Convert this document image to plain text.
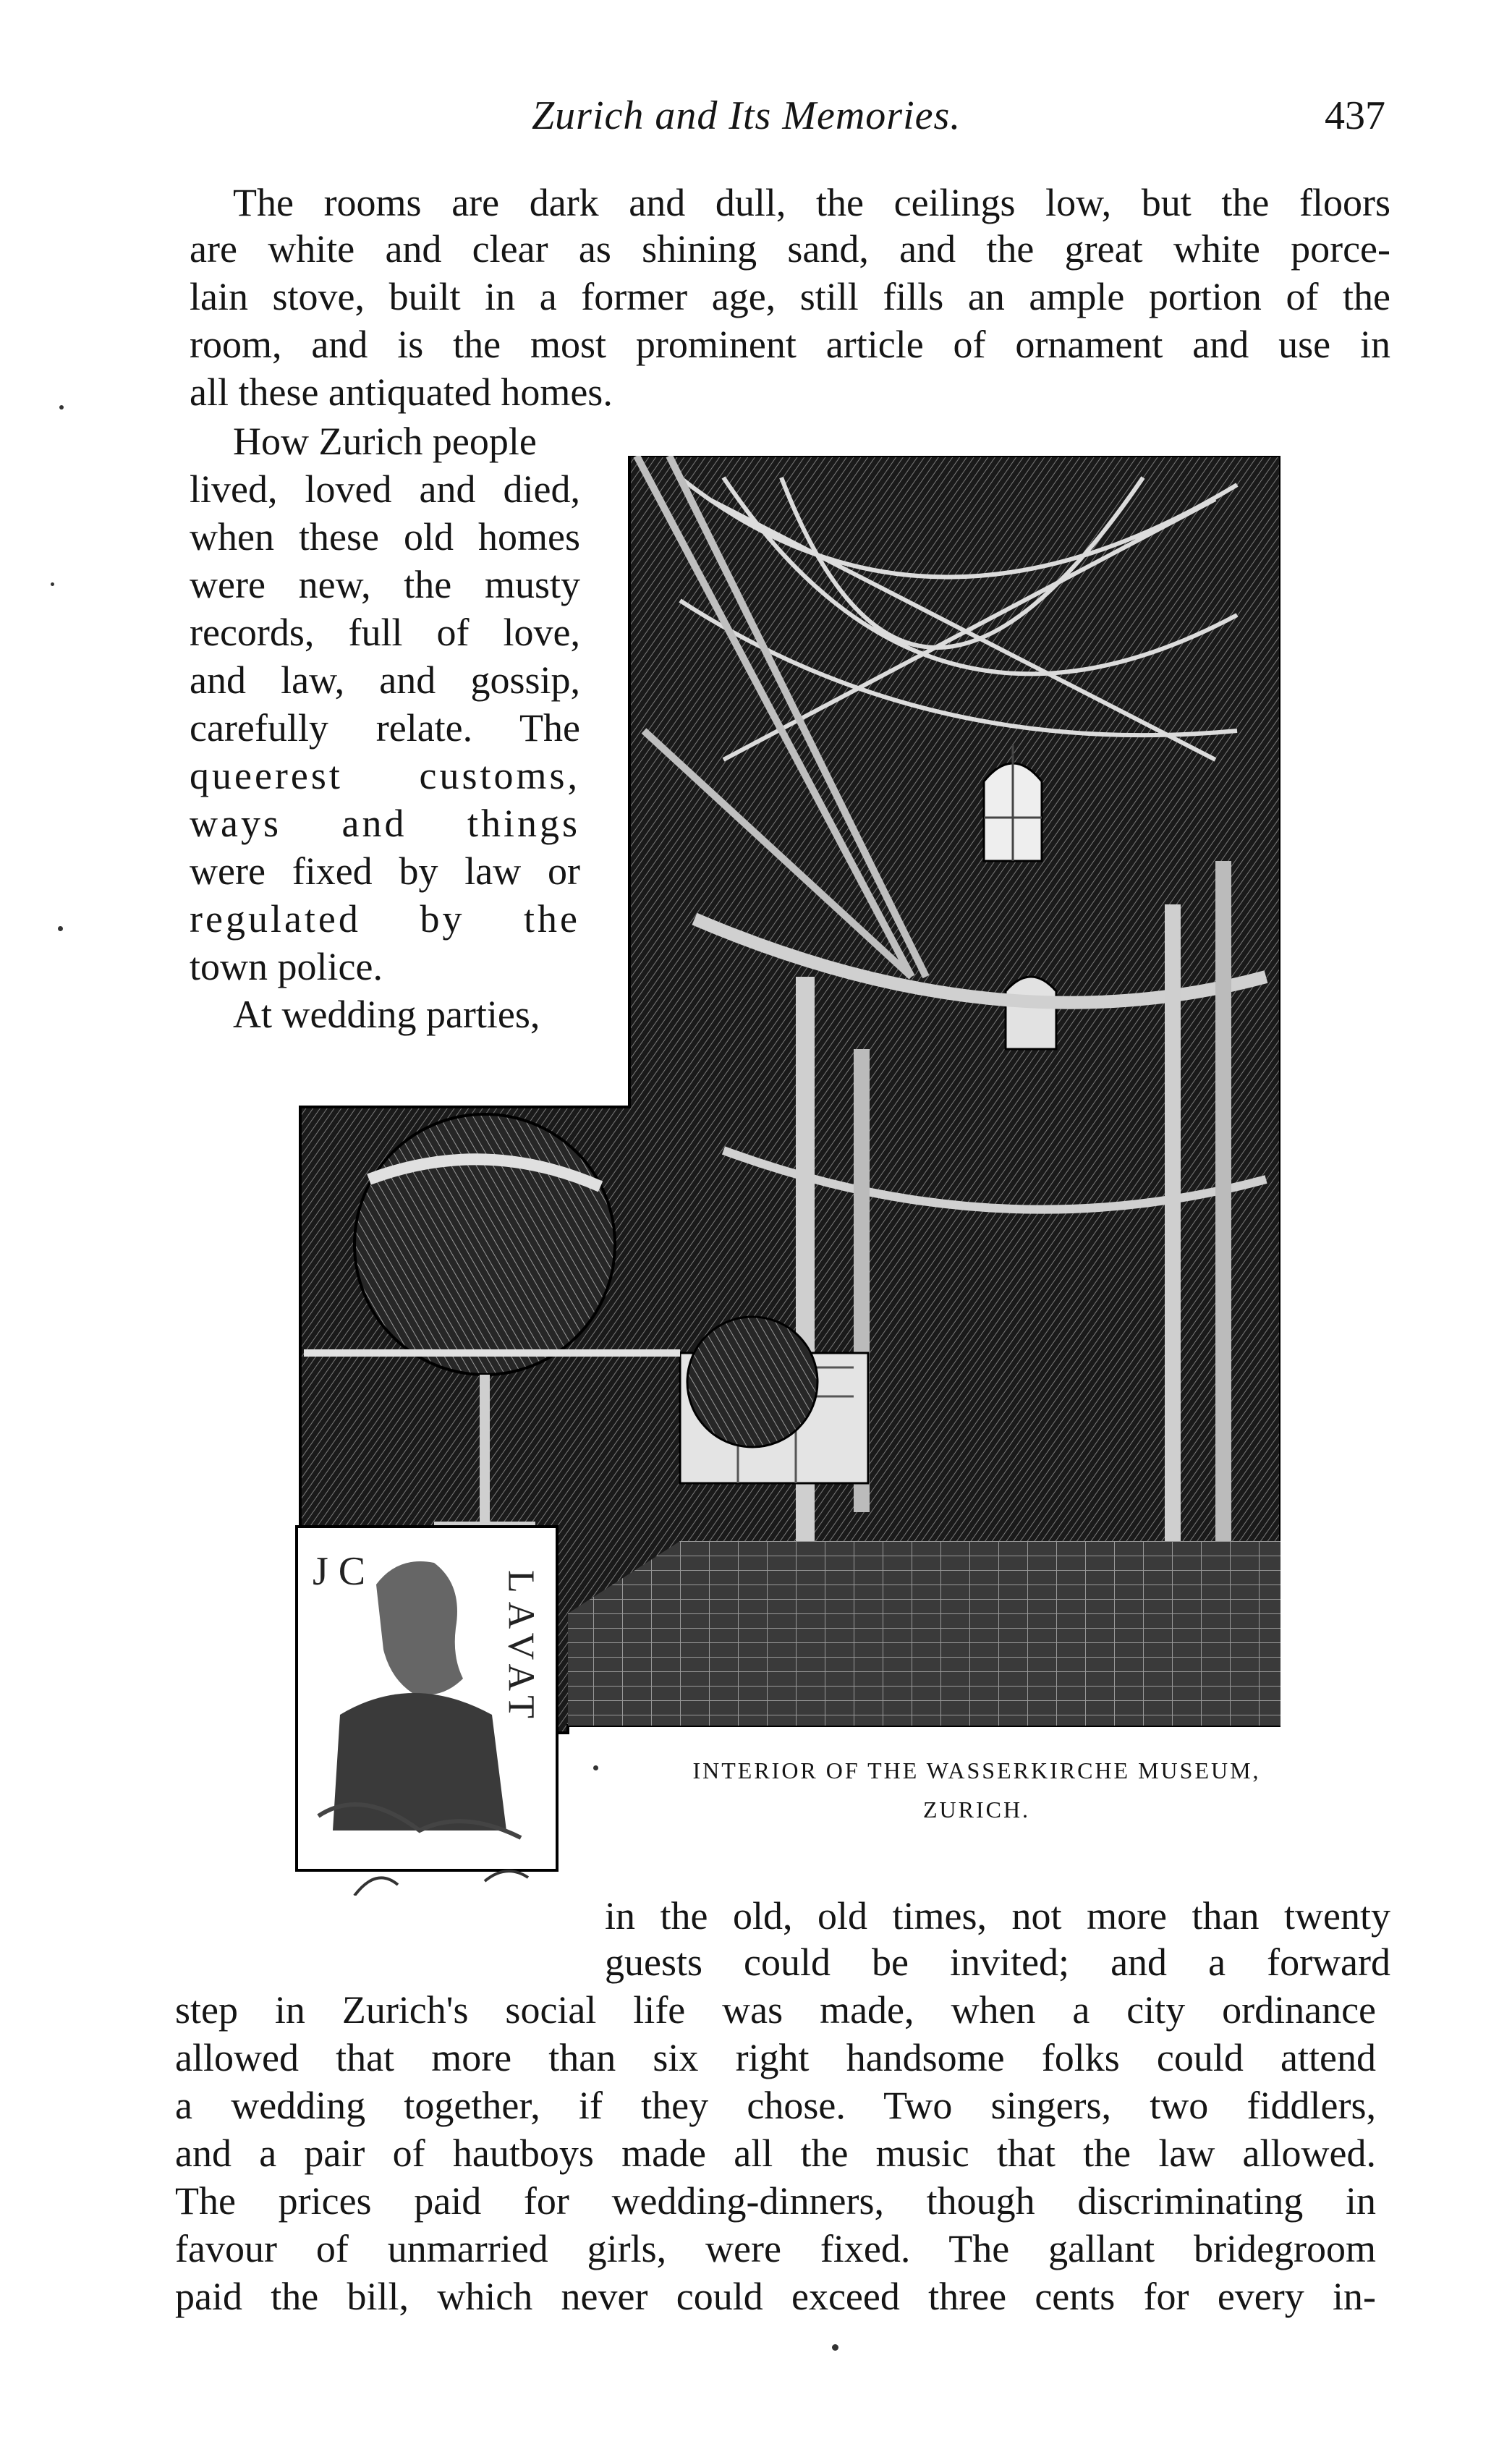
Zurich and Its Memories.	437
The rooms are dark and dull, the ceilings low, but the floors
are white and clear as shining sand, and the great white porce-
lain stove, built in a former age, still fills an ample portion of the
room, and is the most prominent article of ornament and use in
all these antiquated homes.
How Zurich people
lived, loved and died,
when these old homes
were new, the musty
records, full of love,
and law, and gossip,
carefully relate. The
queerest customs,
ways and things
were fixed by law or
regulated by the
town police.
At wedding parties,
J C	LAVAT
INTERIOR OF THE WASSERKIRCHE MUSEUM,
ZURICH.
in the old, old times, not more than twenty
guests could be invited; and a forward
step in Zurich's social life was made, when a city ordinance
allowed that more than six right handsome folks could attend
a wedding together, if they chose. Two singers, two fiddlers,
and a pair of hautboys made all the music that the law allowed.
The prices paid for wedding-dinners, though discriminating in
favour of unmarried girls, were fixed. The gallant bridegroom
paid the bill, which never could exceed three cents for every in-
